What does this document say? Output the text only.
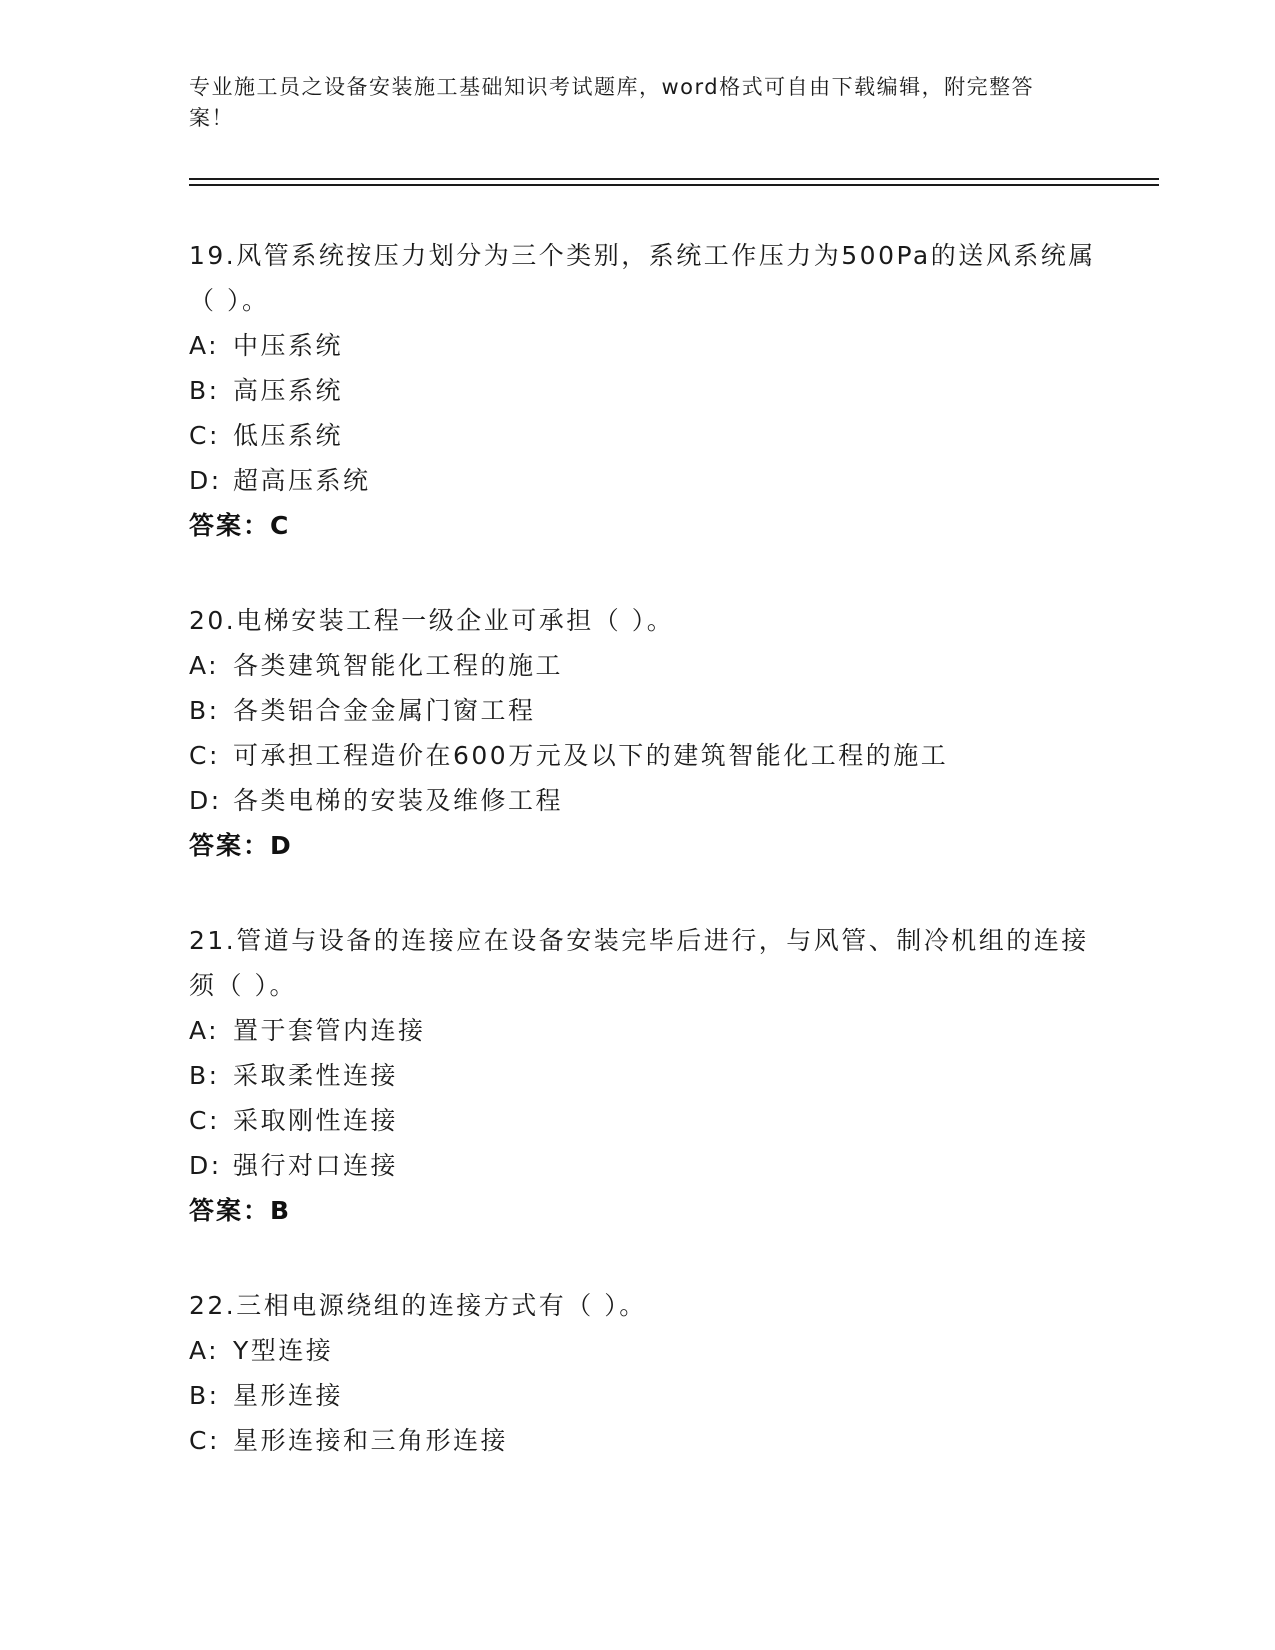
专业施工员之设备安装施工基础知识考试题库，word格式可自由下载编辑，附完整答案！

19.风管系统按压力划分为三个类别，系统工作压力为500Pa的送风系统属（ ）。

A: 中压系统

B: 高压系统

C: 低压系统

D: 超高压系统

答案：C

20.电梯安装工程一级企业可承担（ ）。

A: 各类建筑智能化工程的施工

B: 各类铝合金金属门窗工程

C: 可承担工程造价在600万元及以下的建筑智能化工程的施工

D: 各类电梯的安装及维修工程

答案：D

21.管道与设备的连接应在设备安装完毕后进行，与风管、制冷机组的连接须（ ）。

A: 置于套管内连接

B: 采取柔性连接

C: 采取刚性连接

D: 强行对口连接

答案：B

22.三相电源绕组的连接方式有（ ）。

A: Y型连接

B: 星形连接

C: 星形连接和三角形连接
